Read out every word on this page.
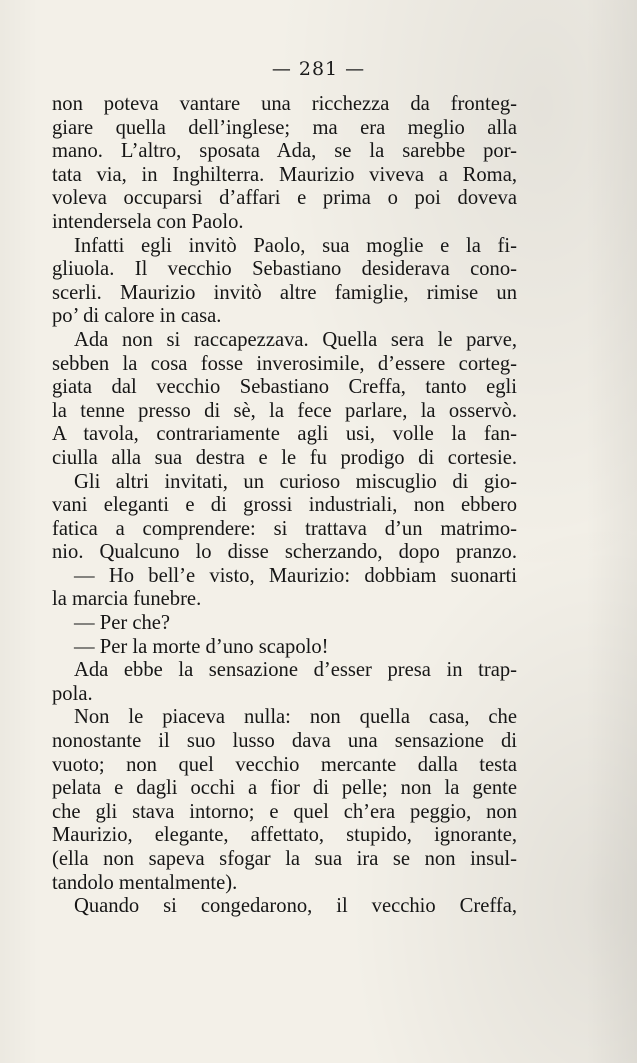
— 281 —
non poteva vantare una ricchezza da fronteg-
giare quella dell’inglese; ma era meglio alla
mano. L’altro, sposata Ada, se la sarebbe por-
tata via, in Inghilterra. Maurizio viveva a Roma,
voleva occuparsi d’affari e prima o poi doveva
intendersela con Paolo.
Infatti egli invitò Paolo, sua moglie e la fi-
gliuola. Il vecchio Sebastiano desiderava cono-
scerli. Maurizio invitò altre famiglie, rimise un
po’ di calore in casa.
Ada non si raccapezzava. Quella sera le parve,
sebben la cosa fosse inverosimile, d’essere corteg-
giata dal vecchio Sebastiano Creffa, tanto egli
la tenne presso di sè, la fece parlare, la osservò.
A tavola, contrariamente agli usi, volle la fan-
ciulla alla sua destra e le fu prodigo di cortesie.
Gli altri invitati, un curioso miscuglio di gio-
vani eleganti e di grossi industriali, non ebbero
fatica a comprendere: si trattava d’un matrimo-
nio. Qualcuno lo disse scherzando, dopo pranzo.
— Ho bell’e visto, Maurizio: dobbiam suonarti
la marcia funebre.
— Per che?
— Per la morte d’uno scapolo!
Ada ebbe la sensazione d’esser presa in trap-
pola.
Non le piaceva nulla: non quella casa, che
nonostante il suo lusso dava una sensazione di
vuoto; non quel vecchio mercante dalla testa
pelata e dagli occhi a fior di pelle; non la gente
che gli stava intorno; e quel ch’era peggio, non
Maurizio, elegante, affettato, stupido, ignorante,
(ella non sapeva sfogar la sua ira se non insul-
tandolo mentalmente).
Quando si congedarono, il vecchio Creffa,
